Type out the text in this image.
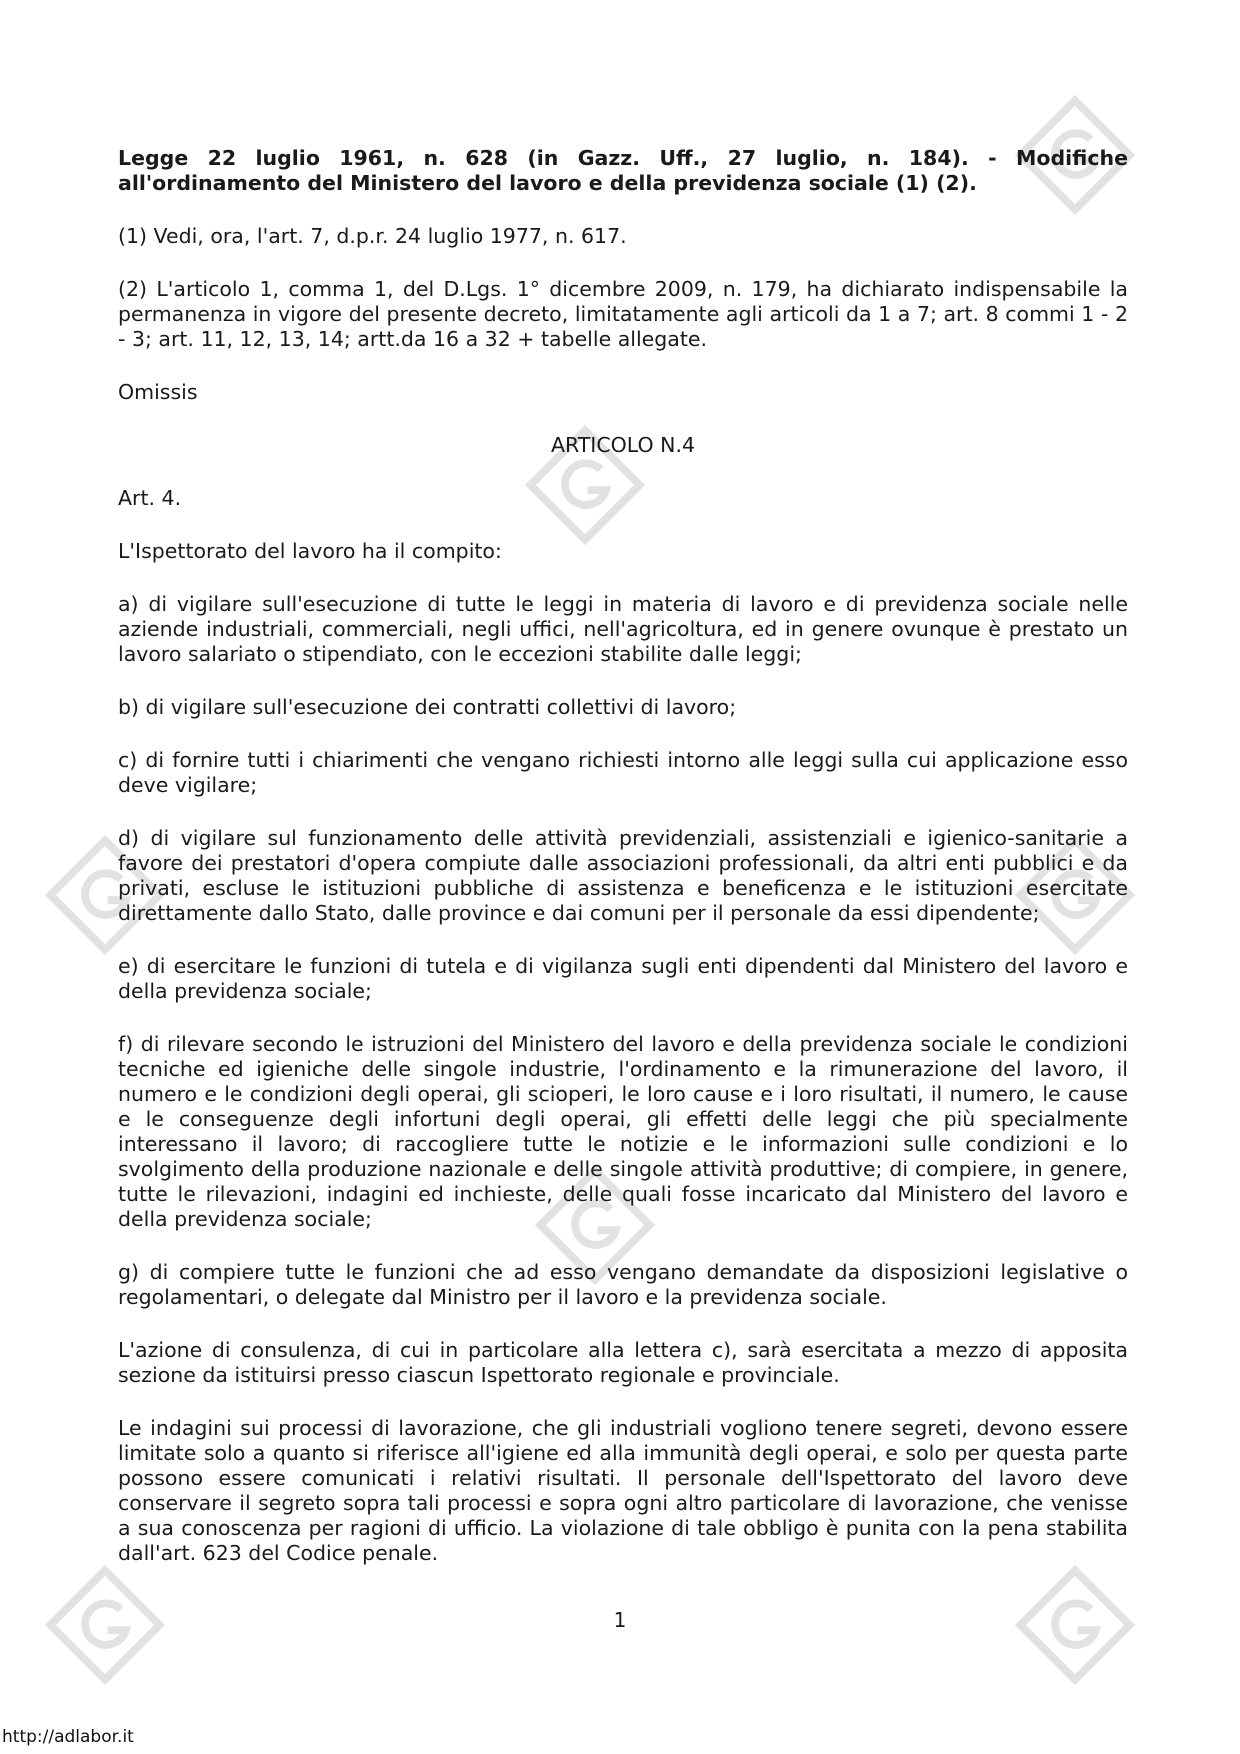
Legge 22 luglio 1961, n. 628 (in Gazz. Uff., 27 luglio, n. 184). - Modifiche all'ordinamento del Ministero del lavoro e della previdenza sociale (1) (2).

(1) Vedi, ora, l'art. 7, d.p.r. 24 luglio 1977, n. 617.

(2) L'articolo 1, comma 1, del D.Lgs. 1° dicembre 2009, n. 179, ha dichiarato indispensabile la permanenza in vigore del presente decreto, limitatamente agli articoli da 1 a 7; art. 8 commi 1 - 2 - 3; art. 11, 12, 13, 14; artt.da 16 a 32 + tabelle allegate.

Omissis

ARTICOLO N.4

Art. 4.

L'Ispettorato del lavoro ha il compito:

a) di vigilare sull'esecuzione di tutte le leggi in materia di lavoro e di previdenza sociale nelle aziende industriali, commerciali, negli uffici, nell'agricoltura, ed in genere ovunque è prestato un lavoro salariato o stipendiato, con le eccezioni stabilite dalle leggi;

b) di vigilare sull'esecuzione dei contratti collettivi di lavoro;

c) di fornire tutti i chiarimenti che vengano richiesti intorno alle leggi sulla cui applicazione esso deve vigilare;

d) di vigilare sul funzionamento delle attività previdenziali, assistenziali e igienico-sanitarie a favore dei prestatori d'opera compiute dalle associazioni professionali, da altri enti pubblici e da privati, escluse le istituzioni pubbliche di assistenza e beneficenza e le istituzioni esercitate direttamente dallo Stato, dalle province e dai comuni per il personale da essi dipendente;

e) di esercitare le funzioni di tutela e di vigilanza sugli enti dipendenti dal Ministero del lavoro e della previdenza sociale;

f) di rilevare secondo le istruzioni del Ministero del lavoro e della previdenza sociale le condizioni tecniche ed igieniche delle singole industrie, l'ordinamento e la rimunerazione del lavoro, il numero e le condizioni degli operai, gli scioperi, le loro cause e i loro risultati, il numero, le cause e le conseguenze degli infortuni degli operai, gli effetti delle leggi che più specialmente interessano il lavoro; di raccogliere tutte le notizie e le informazioni sulle condizioni e lo svolgimento della produzione nazionale e delle singole attività produttive; di compiere, in genere, tutte le rilevazioni, indagini ed inchieste, delle quali fosse incaricato dal Ministero del lavoro e della previdenza sociale;

g) di compiere tutte le funzioni che ad esso vengano demandate da disposizioni legislative o regolamentari, o delegate dal Ministro per il lavoro e la previdenza sociale.

L'azione di consulenza, di cui in particolare alla lettera c), sarà esercitata a mezzo di apposita sezione da istituirsi presso ciascun Ispettorato regionale e provinciale.

Le indagini sui processi di lavorazione, che gli industriali vogliono tenere segreti, devono essere limitate solo a quanto si riferisce all'igiene ed alla immunità degli operai, e solo per questa parte possono essere comunicati i relativi risultati. Il personale dell'Ispettorato del lavoro deve conservare il segreto sopra tali processi e sopra ogni altro particolare di lavorazione, che venisse a sua conoscenza per ragioni di ufficio. La violazione di tale obbligo è punita con la pena stabilita dall'art. 623 del Codice penale.

1
http://adlabor.it
